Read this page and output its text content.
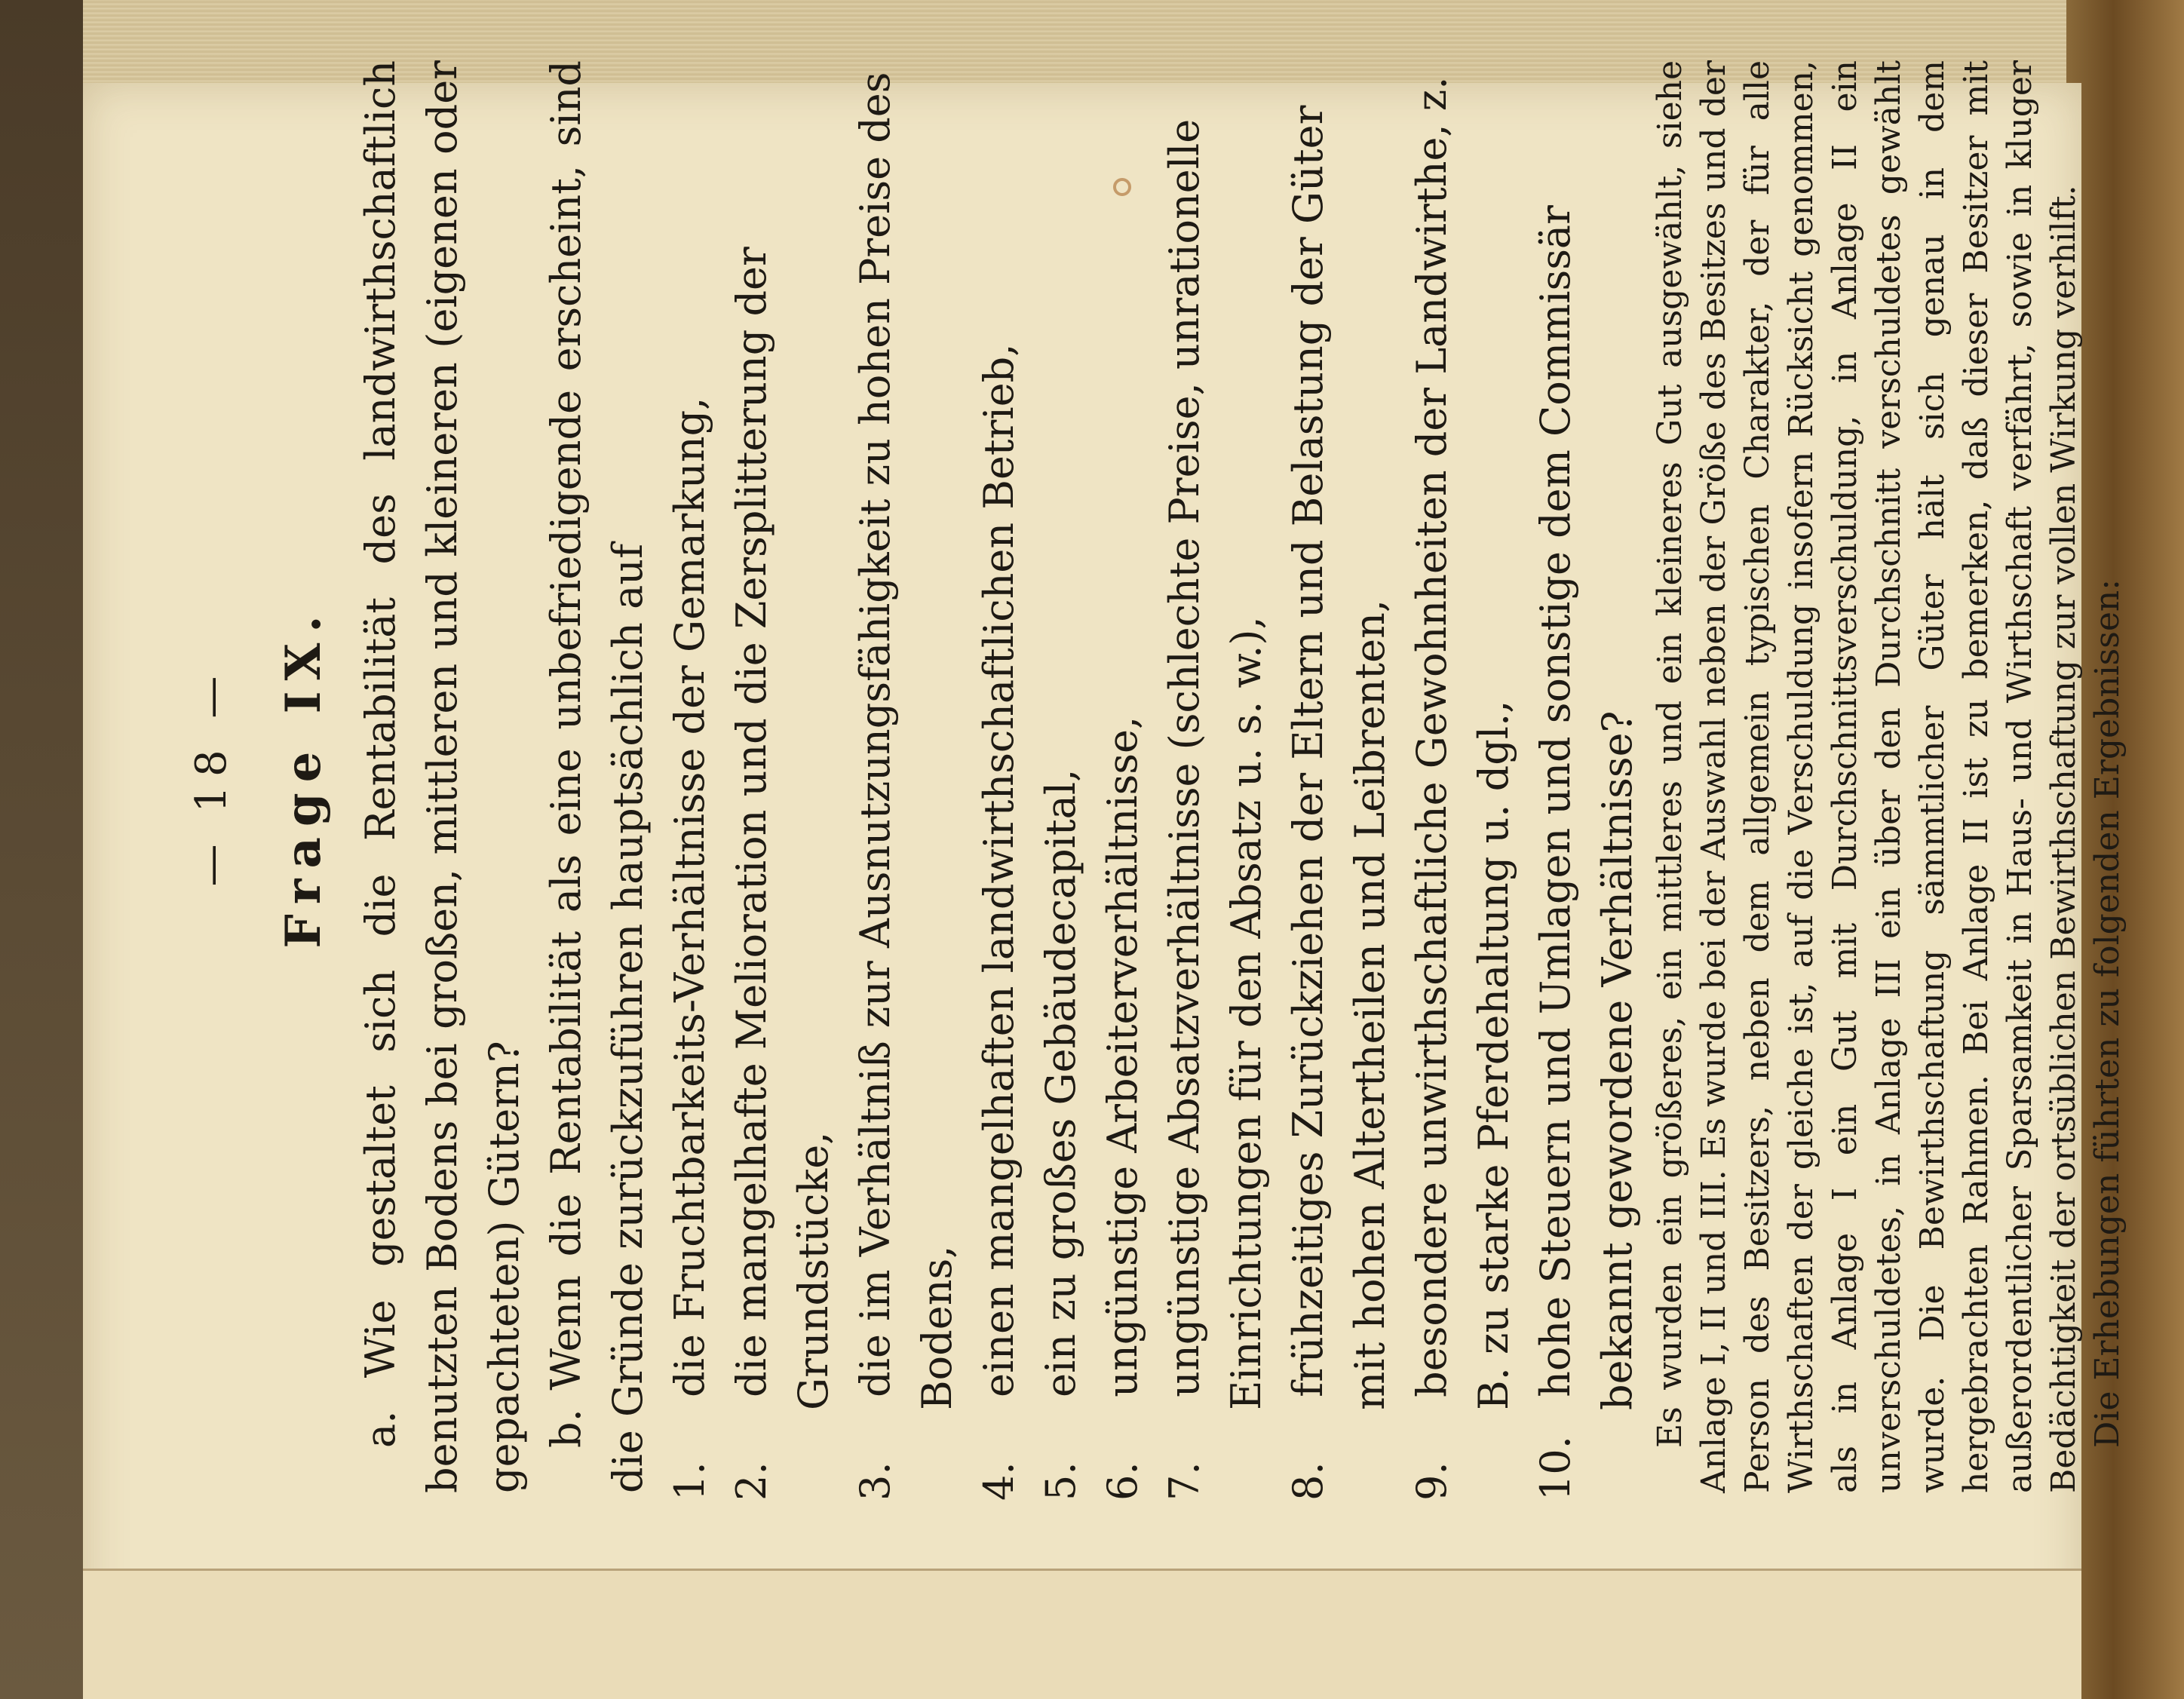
— 18 — Frage IX.

a. Wie gestaltet sich die Rentabilität des landwirthschaftlich benutzten Bodens bei großen, mittleren und kleineren (eigenen oder gepachteten) Gütern? b. Wenn die Rentabilität als eine unbefriedigende erscheint, sind die Gründe zurückzuführen hauptsächlich auf 1. die Fruchtbarkeits-Verhältnisse der Gemarkung,

2. die mangelhafte Melioration und die Zersplitterung der Grundstücke,

3. die im Verhältniß zur Ausnutzungsfähigkeit zu hohen Preise des Bodens,

4. einen mangelhaften landwirthschaftlichen Betrieb,

5. ein zu großes Gebäudecapital,

6. ungünstige Arbeiterverhältnisse,

7. ungünstige Absatzverhältnisse (schlechte Preise, unrationelle Einrichtungen für den Absatz u. s. w.),

8. frühzeitiges Zurückziehen der Eltern und Belastung der Güter mit hohen Altertheilen und Leibrenten,

9. besondere unwirthschaftliche Gewohnheiten der Landwirthe, z. B. zu starke Pferdehaltung u. dgl.,

10. hohe Steuern und Umlagen und sonstige dem Commissär bekannt gewordene Verhältnisse? Es wurden ein größeres, ein mittleres und ein kleineres Gut ausgewählt, siehe Anlage I, II und III. Es wurde bei der Auswahl neben der Größe des Besitzes und der Person des Besitzers, neben dem allgemein typischen Charakter, der für alle Wirthschaften der gleiche ist, auf die Verschuldung insofern Rücksicht genommen, als in Anlage I ein Gut mit Durchschnittsverschuldung, in Anlage II ein unverschuldetes, in Anlage III ein über den Durchschnitt verschuldetes gewählt wurde. Die Bewirthschaftung sämmtlicher Güter hält sich genau in dem hergebrachten Rahmen. Bei Anlage II ist zu bemerken, daß dieser Besitzer mit außerordentlicher Sparsamkeit in Haus- und Wirthschaft verfährt, sowie in kluger Bedächtigkeit der ortsüblichen Bewirthschaftung zur vollen Wirkung verhilft. Die Erhebungen führten zu folgenden Ergebnissen:
